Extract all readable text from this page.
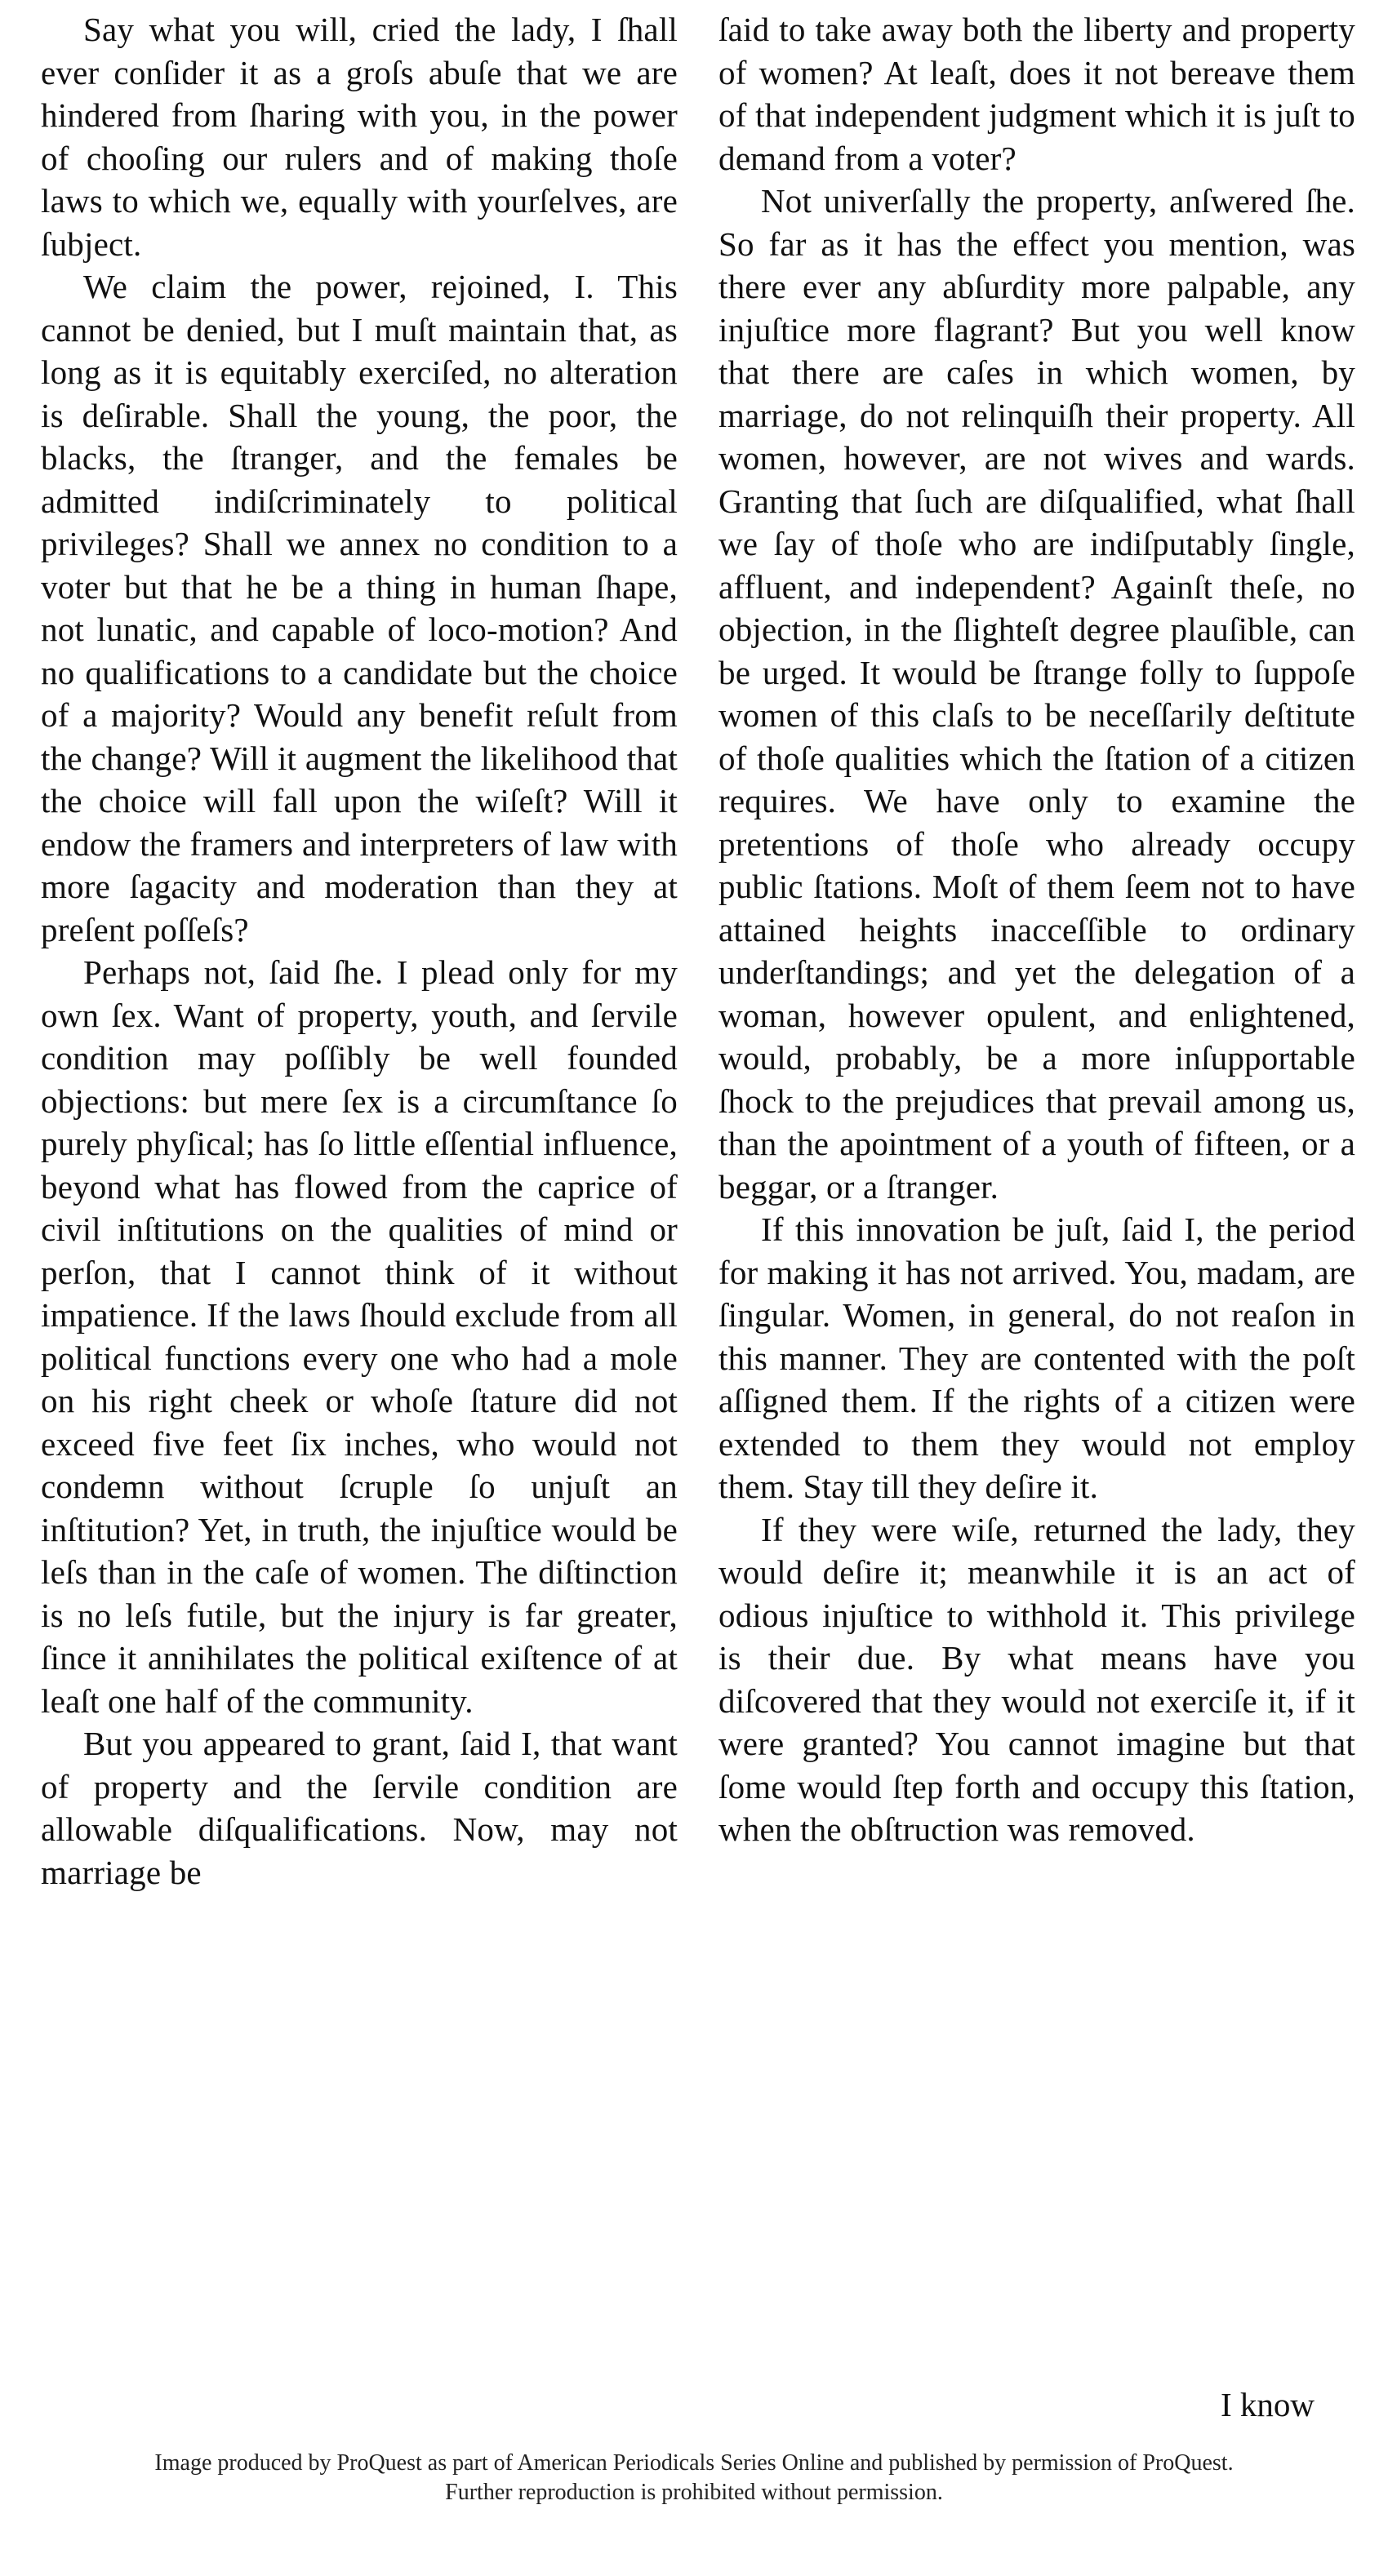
Say what you will, cried the lady, I ſhall ever conſider it as a groſs abuſe that we are hindered from ſharing with you, in the power of chooſing our rulers and of making thoſe laws to which we, equally with yourſelves, are ſubject.

We claim the power, rejoined, I. This cannot be denied, but I muſt maintain that, as long as it is equitably exerciſed, no alteration is deſirable. Shall the young, the poor, the blacks, the ſtranger, and the females be admitted indiſcriminately to political privileges? Shall we annex no condition to a voter but that he be a thing in human ſhape, not lunatic, and capable of loco-motion? And no qualifications to a candidate but the choice of a majority? Would any benefit reſult from the change? Will it augment the likelihood that the choice will fall upon the wiſeſt? Will it endow the framers and interpreters of law with more ſagacity and moderation than they at preſent poſſeſs?

Perhaps not, ſaid ſhe. I plead only for my own ſex. Want of property, youth, and ſervile condition may poſſibly be well founded objections: but mere ſex is a circumſtance ſo purely phyſical; has ſo little eſſential influence, beyond what has flowed from the caprice of civil inſtitutions on the qualities of mind or perſon, that I cannot think of it without impatience. If the laws ſhould exclude from all political functions every one who had a mole on his right cheek or whoſe ſtature did not exceed five feet ſix inches, who would not condemn without ſcruple ſo unjuſt an inſtitution? Yet, in truth, the injuſtice would be leſs than in the caſe of women. The diſtinction is no leſs futile, but the injury is far greater, ſince it annihilates the political exiſtence of at leaſt one half of the community.

But you appeared to grant, ſaid I, that want of property and the ſervile condition are allowable diſqualifications. Now, may not marriage be

ſaid to take away both the liberty and property of women? At leaſt, does it not bereave them of that independent judgment which it is juſt to demand from a voter?

Not univerſally the property, anſwered ſhe. So far as it has the effect you mention, was there ever any abſurdity more palpable, any injuſtice more flagrant? But you well know that there are caſes in which women, by marriage, do not relinquiſh their property. All women, however, are not wives and wards. Granting that ſuch are diſqualified, what ſhall we ſay of thoſe who are indiſputably ſingle, affluent, and independent? Againſt theſe, no objection, in the ſlighteſt degree plauſible, can be urged. It would be ſtrange folly to ſuppoſe women of this claſs to be neceſſarily deſtitute of thoſe qualities which the ſtation of a citizen requires. We have only to examine the pretentions of thoſe who already occupy public ſtations. Moſt of them ſeem not to have attained heights inacceſſible to ordinary underſtandings; and yet the delegation of a woman, however opulent, and enlightened, would, probably, be a more inſupportable ſhock to the prejudices that prevail among us, than the apointment of a youth of fifteen, or a beggar, or a ſtranger.

If this innovation be juſt, ſaid I, the period for making it has not arrived. You, madam, are ſingular. Women, in general, do not reaſon in this manner. They are contented with the poſt aſſigned them. If the rights of a citizen were extended to them they would not employ them. Stay till they deſire it.

If they were wiſe, returned the lady, they would deſire it; meanwhile it is an act of odious injuſtice to withhold it. This privilege is their due. By what means have you diſcovered that they would not exerciſe it, if it were granted? You cannot imagine but that ſome would ſtep forth and occupy this ſtation, when the obſtruction was removed.

I know
Image produced by ProQuest as part of American Periodicals Series Online and published by permission of ProQuest.
Further reproduction is prohibited without permission.
